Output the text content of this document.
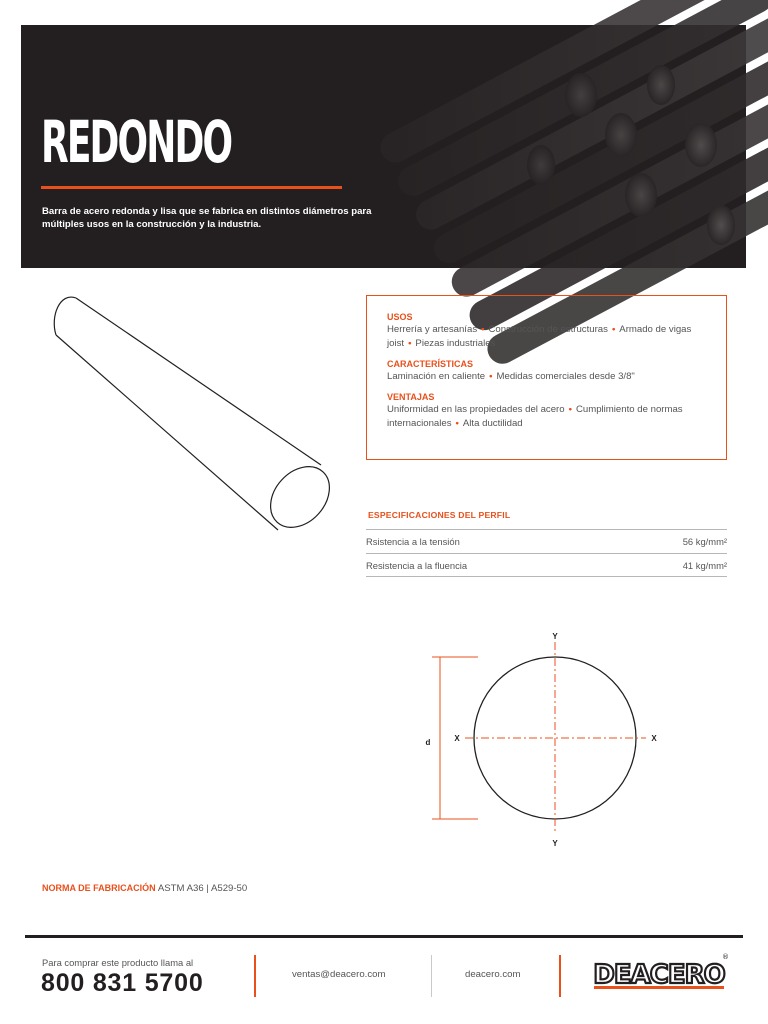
REDONDO
Barra de acero redonda y lisa que se fabrica en distintos diámetros para múltiples usos en la construcción y la industria.
USOS
Herrería y artesanías • Construcción de estructuras • Armado de vigas joist • Piezas industriales
CARACTERÍSTICAS
Laminación en caliente • Medidas comerciales desde 3/8"
VENTAJAS
Uniformidad en las propiedades del acero • Cumplimiento de normas internacionales • Alta ductilidad
ESPECIFICACIONES DEL PERFIL
Rsistencia a la tensión	56 kg/mm²
Resistencia a la fluencia	41 kg/mm²
Y
Y
X	X
d
NORMA DE FABRICACIÓN ASTM A36 | A529-50
Para comprar este producto llama al
800 831 5700	ventas@deacero.com	deacero.com	DEACERO
®
